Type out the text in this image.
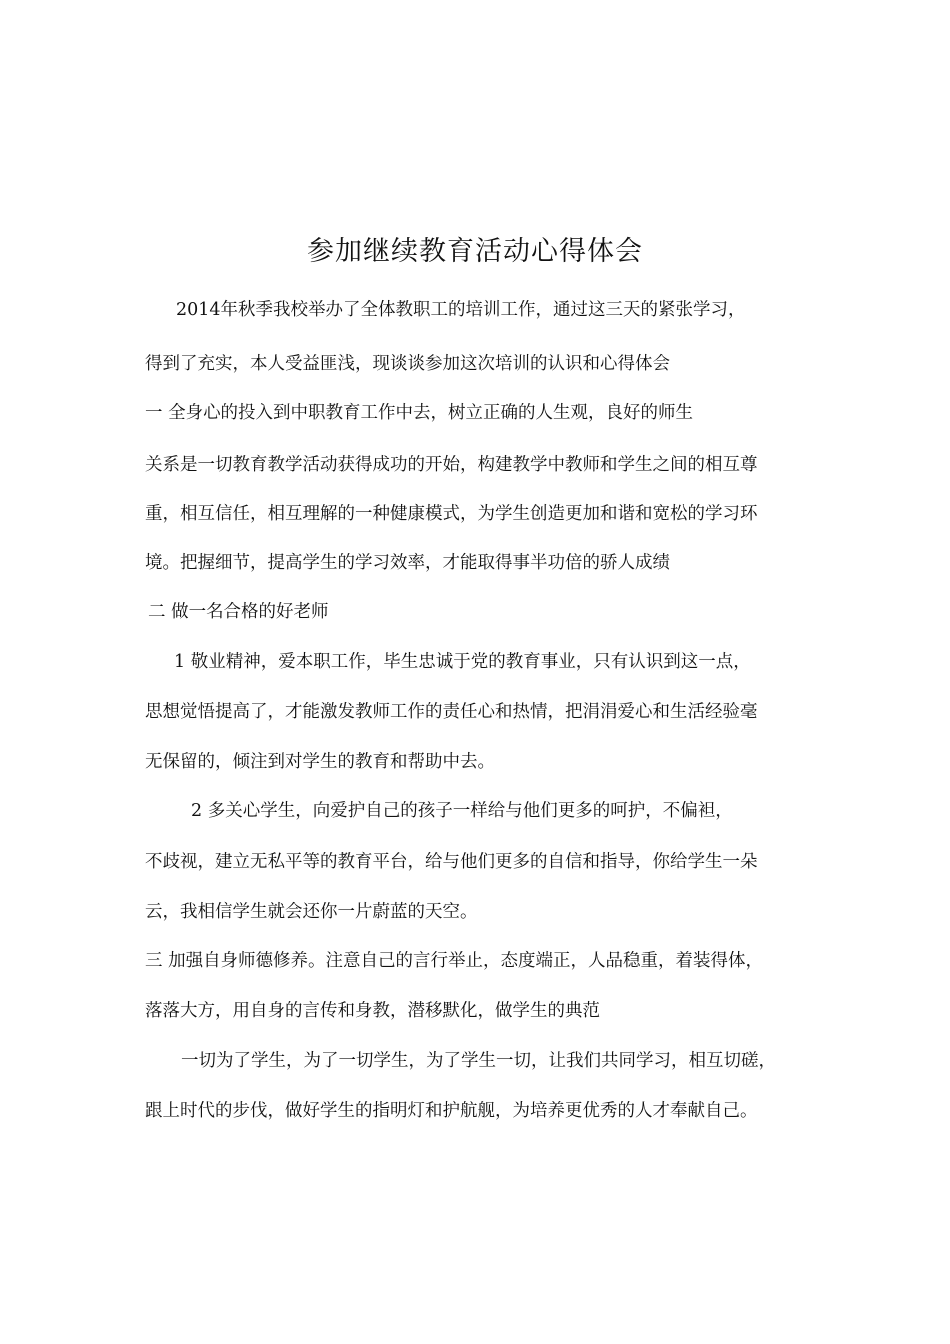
参加继续教育活动心得体会
2014年秋季我校举办了全体教职工的培训工作，通过这三天的紧张学习，
得到了充实，本人受益匪浅，现谈谈参加这次培训的认识和心得体会
一 全身心的投入到中职教育工作中去，树立正确的人生观，良好的师生
关系是一切教育教学活动获得成功的开始，构建教学中教师和学生之间的相互尊
重，相互信任，相互理解的一种健康模式，为学生创造更加和谐和宽松的学习环
境。把握细节，提高学生的学习效率，才能取得事半功倍的骄人成绩
二 做一名合格的好老师
1 敬业精神，爱本职工作，毕生忠诚于党的教育事业，只有认识到这一点，
思想觉悟提高了，才能激发教师工作的责任心和热情，把涓涓爱心和生活经验毫
无保留的，倾注到对学生的教育和帮助中去。
2 多关心学生，向爱护自己的孩子一样给与他们更多的呵护，不偏袒，
不歧视，建立无私平等的教育平台，给与他们更多的自信和指导，你给学生一朵
云，我相信学生就会还你一片蔚蓝的天空。
三 加强自身师德修养。注意自己的言行举止，态度端正，人品稳重，着装得体，
落落大方，用自身的言传和身教，潜移默化，做学生的典范
一切为了学生，为了一切学生，为了学生一切，让我们共同学习，相互切磋，
跟上时代的步伐，做好学生的指明灯和护航舰，为培养更优秀的人才奉献自己。
